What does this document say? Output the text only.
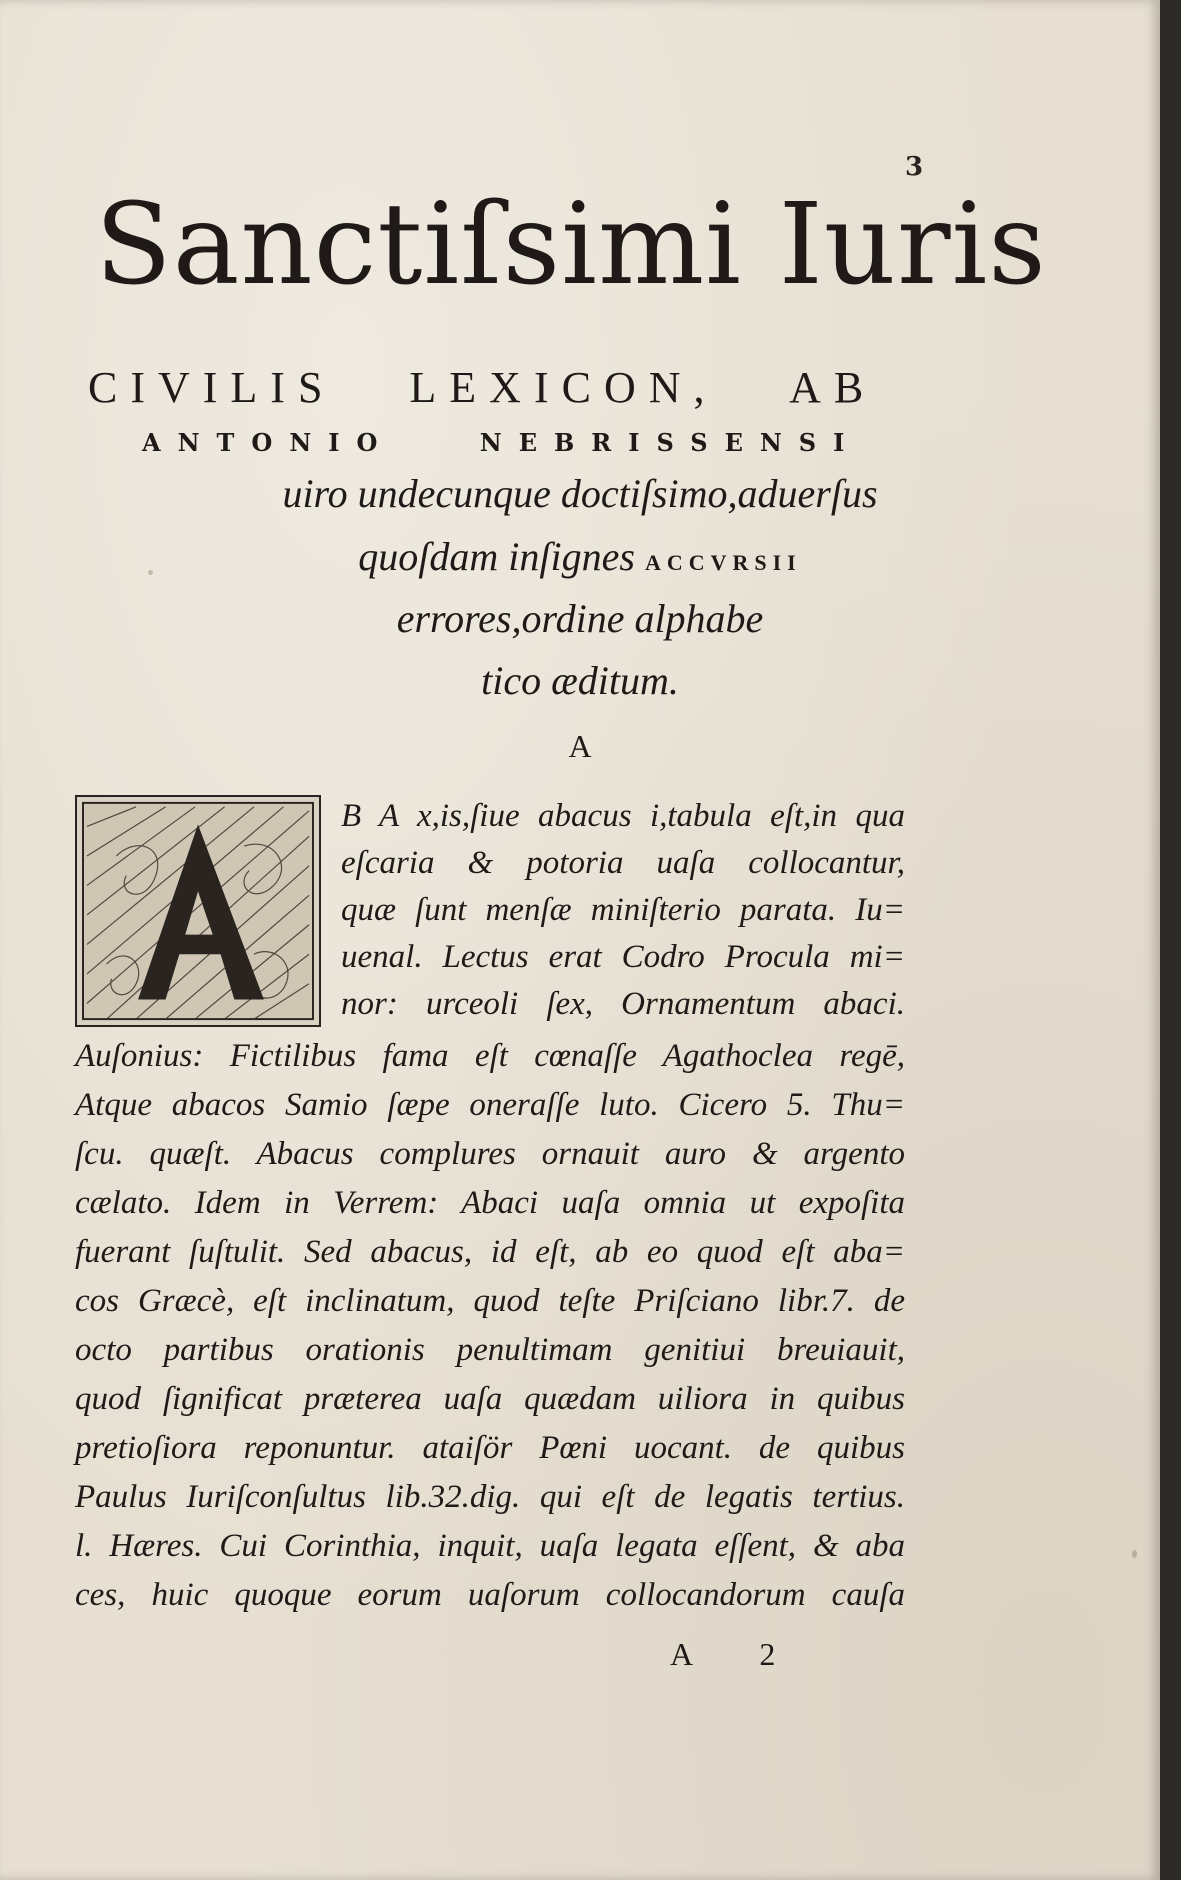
3
Sanctiſsimi Iuris
CIVILIS LEXICON, AB
ANTONIO NEBRISSENSI
uiro undecunque doctiſsimo,aduerſus
quoſdam inſignes ACCVRSII
errores,ordine alphabe
tico æditum.
A
B A x,is,ſiue abacus i,tabula eſt,in qua
eſcaria & potoria uaſa collocantur,
quæ ſunt menſæ miniſterio parata. Iu=
uenal. Lectus erat Codro Procula mi=
nor: urceoli ſex, Ornamentum abaci.
Auſonius: Fictilibus fama eſt cœnaſſe Agathoclea regē,
Atque abacos Samio ſæpe oneraſſe luto. Cicero 5. Thu=
ſcu. quæſt. Abacus complures ornauit auro & argento
cælato. Idem in Verrem: Abaci uaſa omnia ut expoſita
fuerant ſuſtulit. Sed abacus, id eſt, ab eo quod eſt aba=
cos Græcè, eſt inclinatum, quod teſte Priſciano libr.7. de
octo partibus orationis penultimam genitiui breuiauit,
quod ſignificat præterea uaſa quædam uiliora in quibus
pretioſiora reponuntur. ataiſör Pœni uocant. de quibus
Paulus Iuriſconſultus lib.32.dig. qui eſt de legatis tertius.
l. Hæres. Cui Corinthia, inquit, uaſa legata eſſent, & aba
ces, huic quoque eorum uaſorum collocandorum cauſa
A 2
